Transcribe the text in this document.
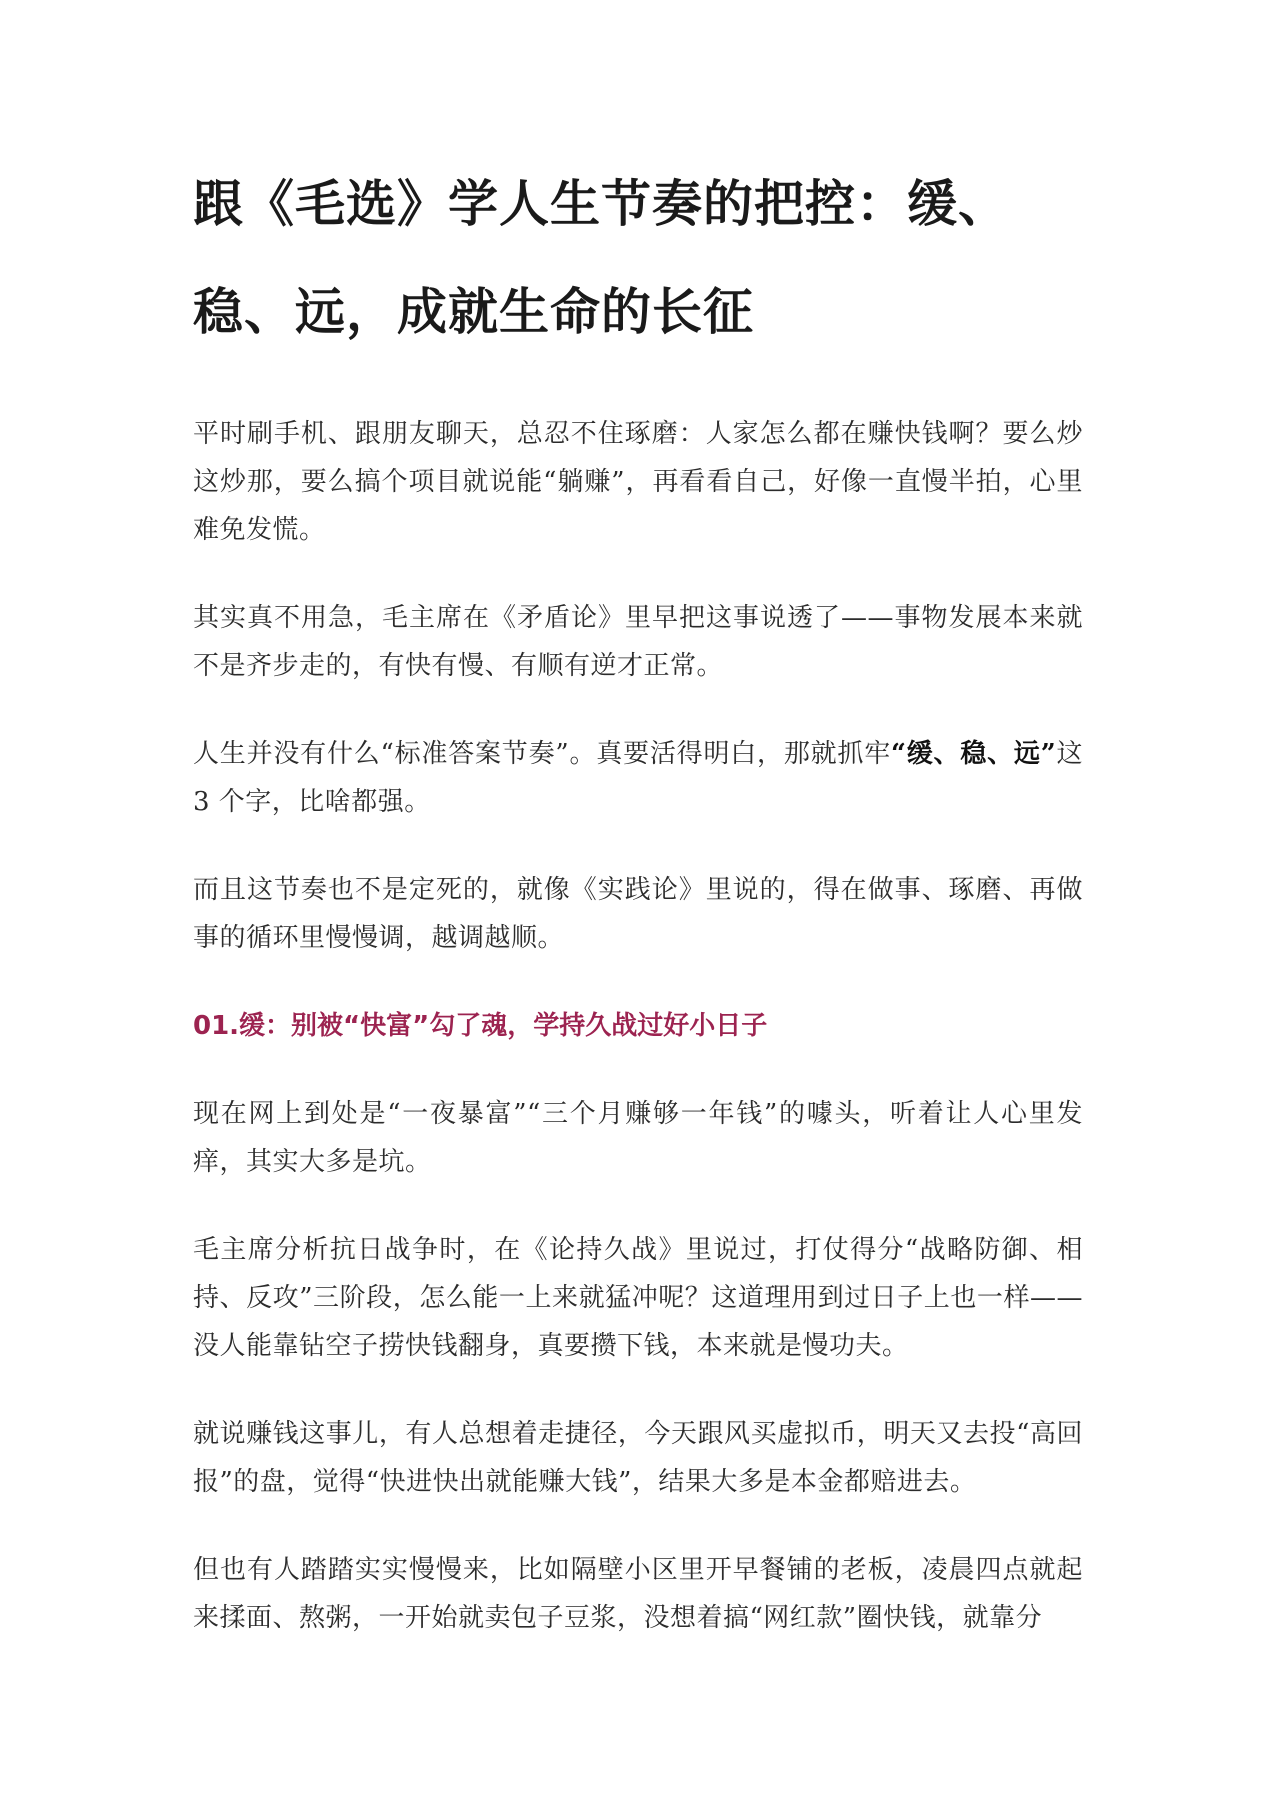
跟《毛选》学人生节奏的把控：缓、稳、远，成就生命的长征

平时刷手机、跟朋友聊天，总忍不住琢磨：人家怎么都在赚快钱啊？要么炒这炒那，要么搞个项目就说能“躺赚”，再看看自己，好像一直慢半拍，心里难免发慌。

其实真不用急，毛主席在《矛盾论》里早把这事说透了——事物发展本来就不是齐步走的，有快有慢、有顺有逆才正常。

人生并没有什么“标准答案节奏”。真要活得明白，那就抓牢“缓、稳、远”这 3 个字，比啥都强。

而且这节奏也不是定死的，就像《实践论》里说的，得在做事、琢磨、再做事的循环里慢慢调，越调越顺。

01.缓：别被“快富”勾了魂，学持久战过好小日子

现在网上到处是“一夜暴富”“三个月赚够一年钱”的噱头，听着让人心里发痒，其实大多是坑。

毛主席分析抗日战争时，在《论持久战》里说过，打仗得分“战略防御、相持、反攻”三阶段，怎么能一上来就猛冲呢？这道理用到过日子上也一样——没人能靠钻空子捞快钱翻身，真要攒下钱，本来就是慢功夫。

就说赚钱这事儿，有人总想着走捷径，今天跟风买虚拟币，明天又去投“高回报”的盘，觉得“快进快出就能赚大钱”，结果大多是本金都赔进去。

但也有人踏踏实实慢慢来，比如隔壁小区里开早餐铺的老板，凌晨四点就起来揉面、熬粥，一开始就卖包子豆浆，没想着搞“网红款”圈快钱，就靠分
